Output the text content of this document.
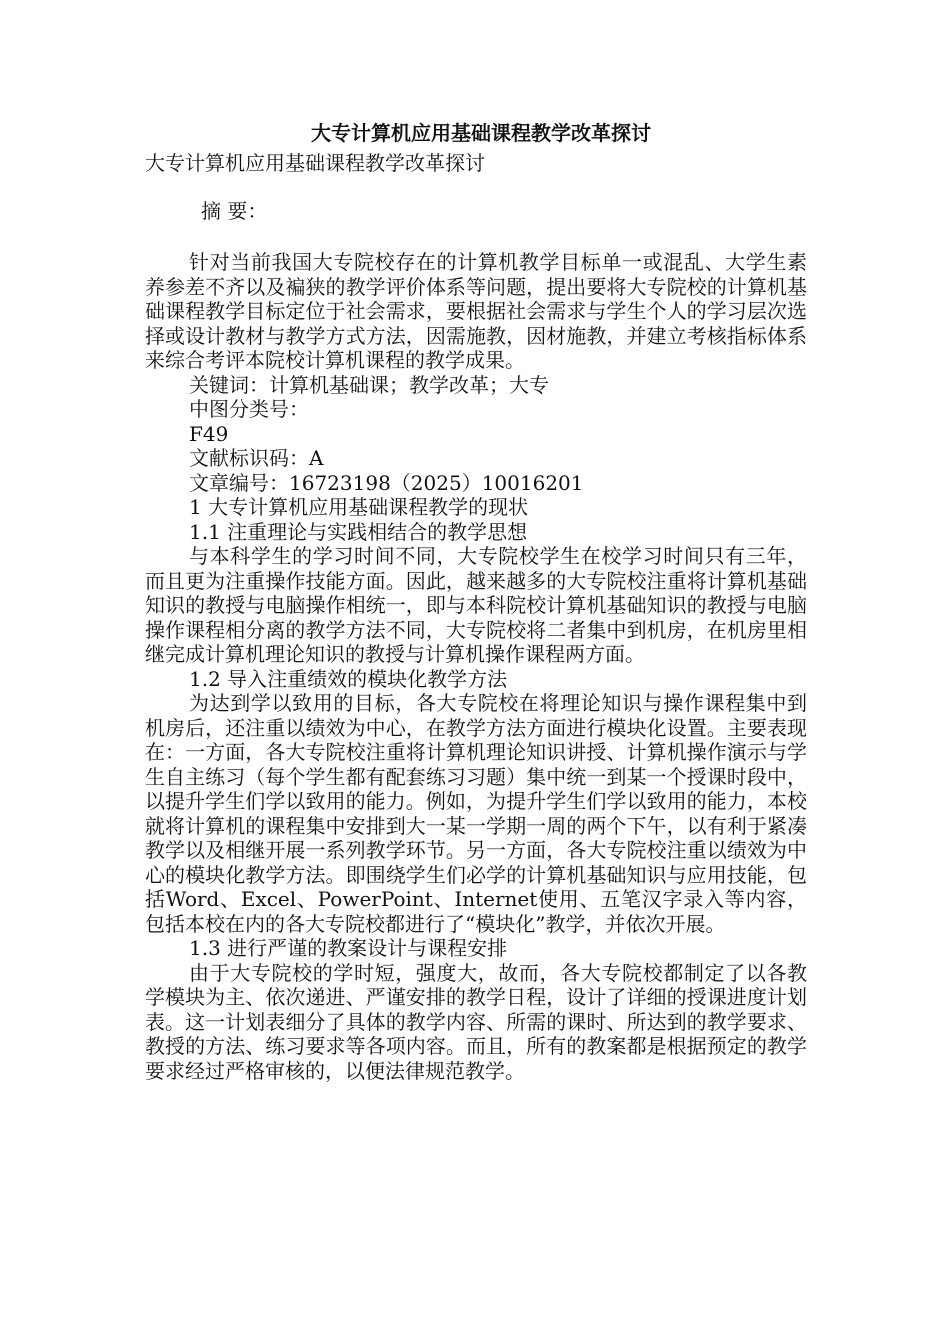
大专计算机应用基础课程教学改革探讨

大专计算机应用基础课程教学改革探讨

摘 要：

针对当前我国大专院校存在的计算机教学目标单一或混乱、大学生素养参差不齐以及褊狭的教学评价体系等问题，提出要将大专院校的计算机基础课程教学目标定位于社会需求，要根据社会需求与学生个人的学习层次选择或设计教材与教学方式方法，因需施教，因材施教，并建立考核指标体系来综合考评本院校计算机课程的教学成果。

关键词：计算机基础课；教学改革；大专

中图分类号：

F49

文献标识码：A

文章编号：16723198（2025）10016201

1 大专计算机应用基础课程教学的现状

1.1 注重理论与实践相结合的教学思想

与本科学生的学习时间不同，大专院校学生在校学习时间只有三年，而且更为注重操作技能方面。因此，越来越多的大专院校注重将计算机基础知识的教授与电脑操作相统一，即与本科院校计算机基础知识的教授与电脑操作课程相分离的教学方法不同，大专院校将二者集中到机房，在机房里相继完成计算机理论知识的教授与计算机操作课程两方面。

1.2 导入注重绩效的模块化教学方法

为达到学以致用的目标，各大专院校在将理论知识与操作课程集中到机房后，还注重以绩效为中心，在教学方法方面进行模块化设置。主要表现在：一方面，各大专院校注重将计算机理论知识讲授、计算机操作演示与学生自主练习（每个学生都有配套练习习题）集中统一到某一个授课时段中，以提升学生们学以致用的能力。例如，为提升学生们学以致用的能力，本校就将计算机的课程集中安排到大一某一学期一周的两个下午，以有利于紧凑教学以及相继开展一系列教学环节。另一方面，各大专院校注重以绩效为中心的模块化教学方法。即围绕学生们必学的计算机基础知识与应用技能，包括Word、Excel、PowerPoint、Internet使用、五笔汉字录入等内容，包括本校在内的各大专院校都进行了“模块化”教学，并依次开展。

1.3 进行严谨的教案设计与课程安排

由于大专院校的学时短，强度大，故而，各大专院校都制定了以各教学模块为主、依次递进、严谨安排的教学日程，设计了详细的授课进度计划表。这一计划表细分了具体的教学内容、所需的课时、所达到的教学要求、教授的方法、练习要求等各项内容。而且，所有的教案都是根据预定的教学要求经过严格审核的，以便法律规范教学。
